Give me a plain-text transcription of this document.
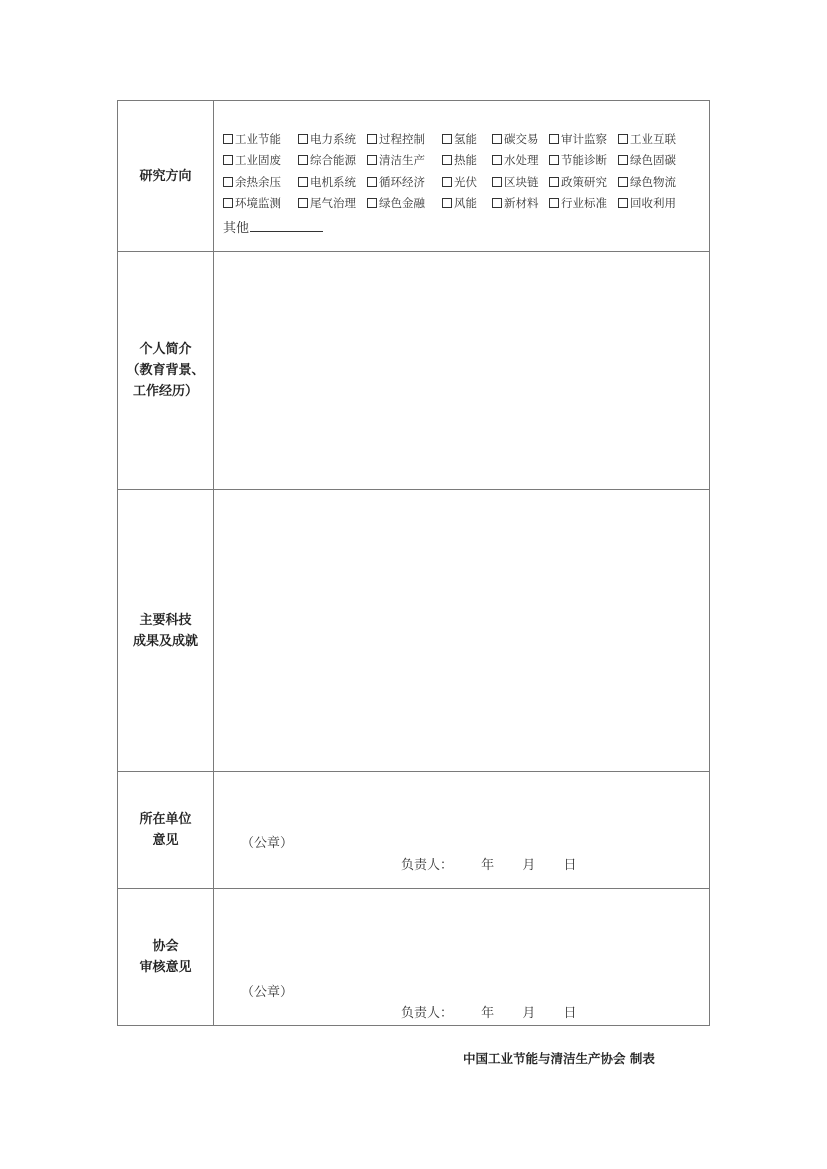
研究方向	工业节能 电力系统 过程控制 氢能 碳交易 审计监察 工业互联
工业固废 综合能源 清洁生产 热能 水处理 节能诊断 绿色固碳
余热余压 电机系统 循环经济 光伏 区块链 政策研究 绿色物流
环境监测 尾气治理 绿色金融 风能 新材料 行业标准 回收利用
其他

个人简介
（教育背景、
工作经历）	

主要科技
成果及成就	

所在单位
意见	（公章）
负责人： 年 月 日

协会
审核意见	（公章）
负责人： 年 月 日
中国工业节能与清洁生产协会 制表
